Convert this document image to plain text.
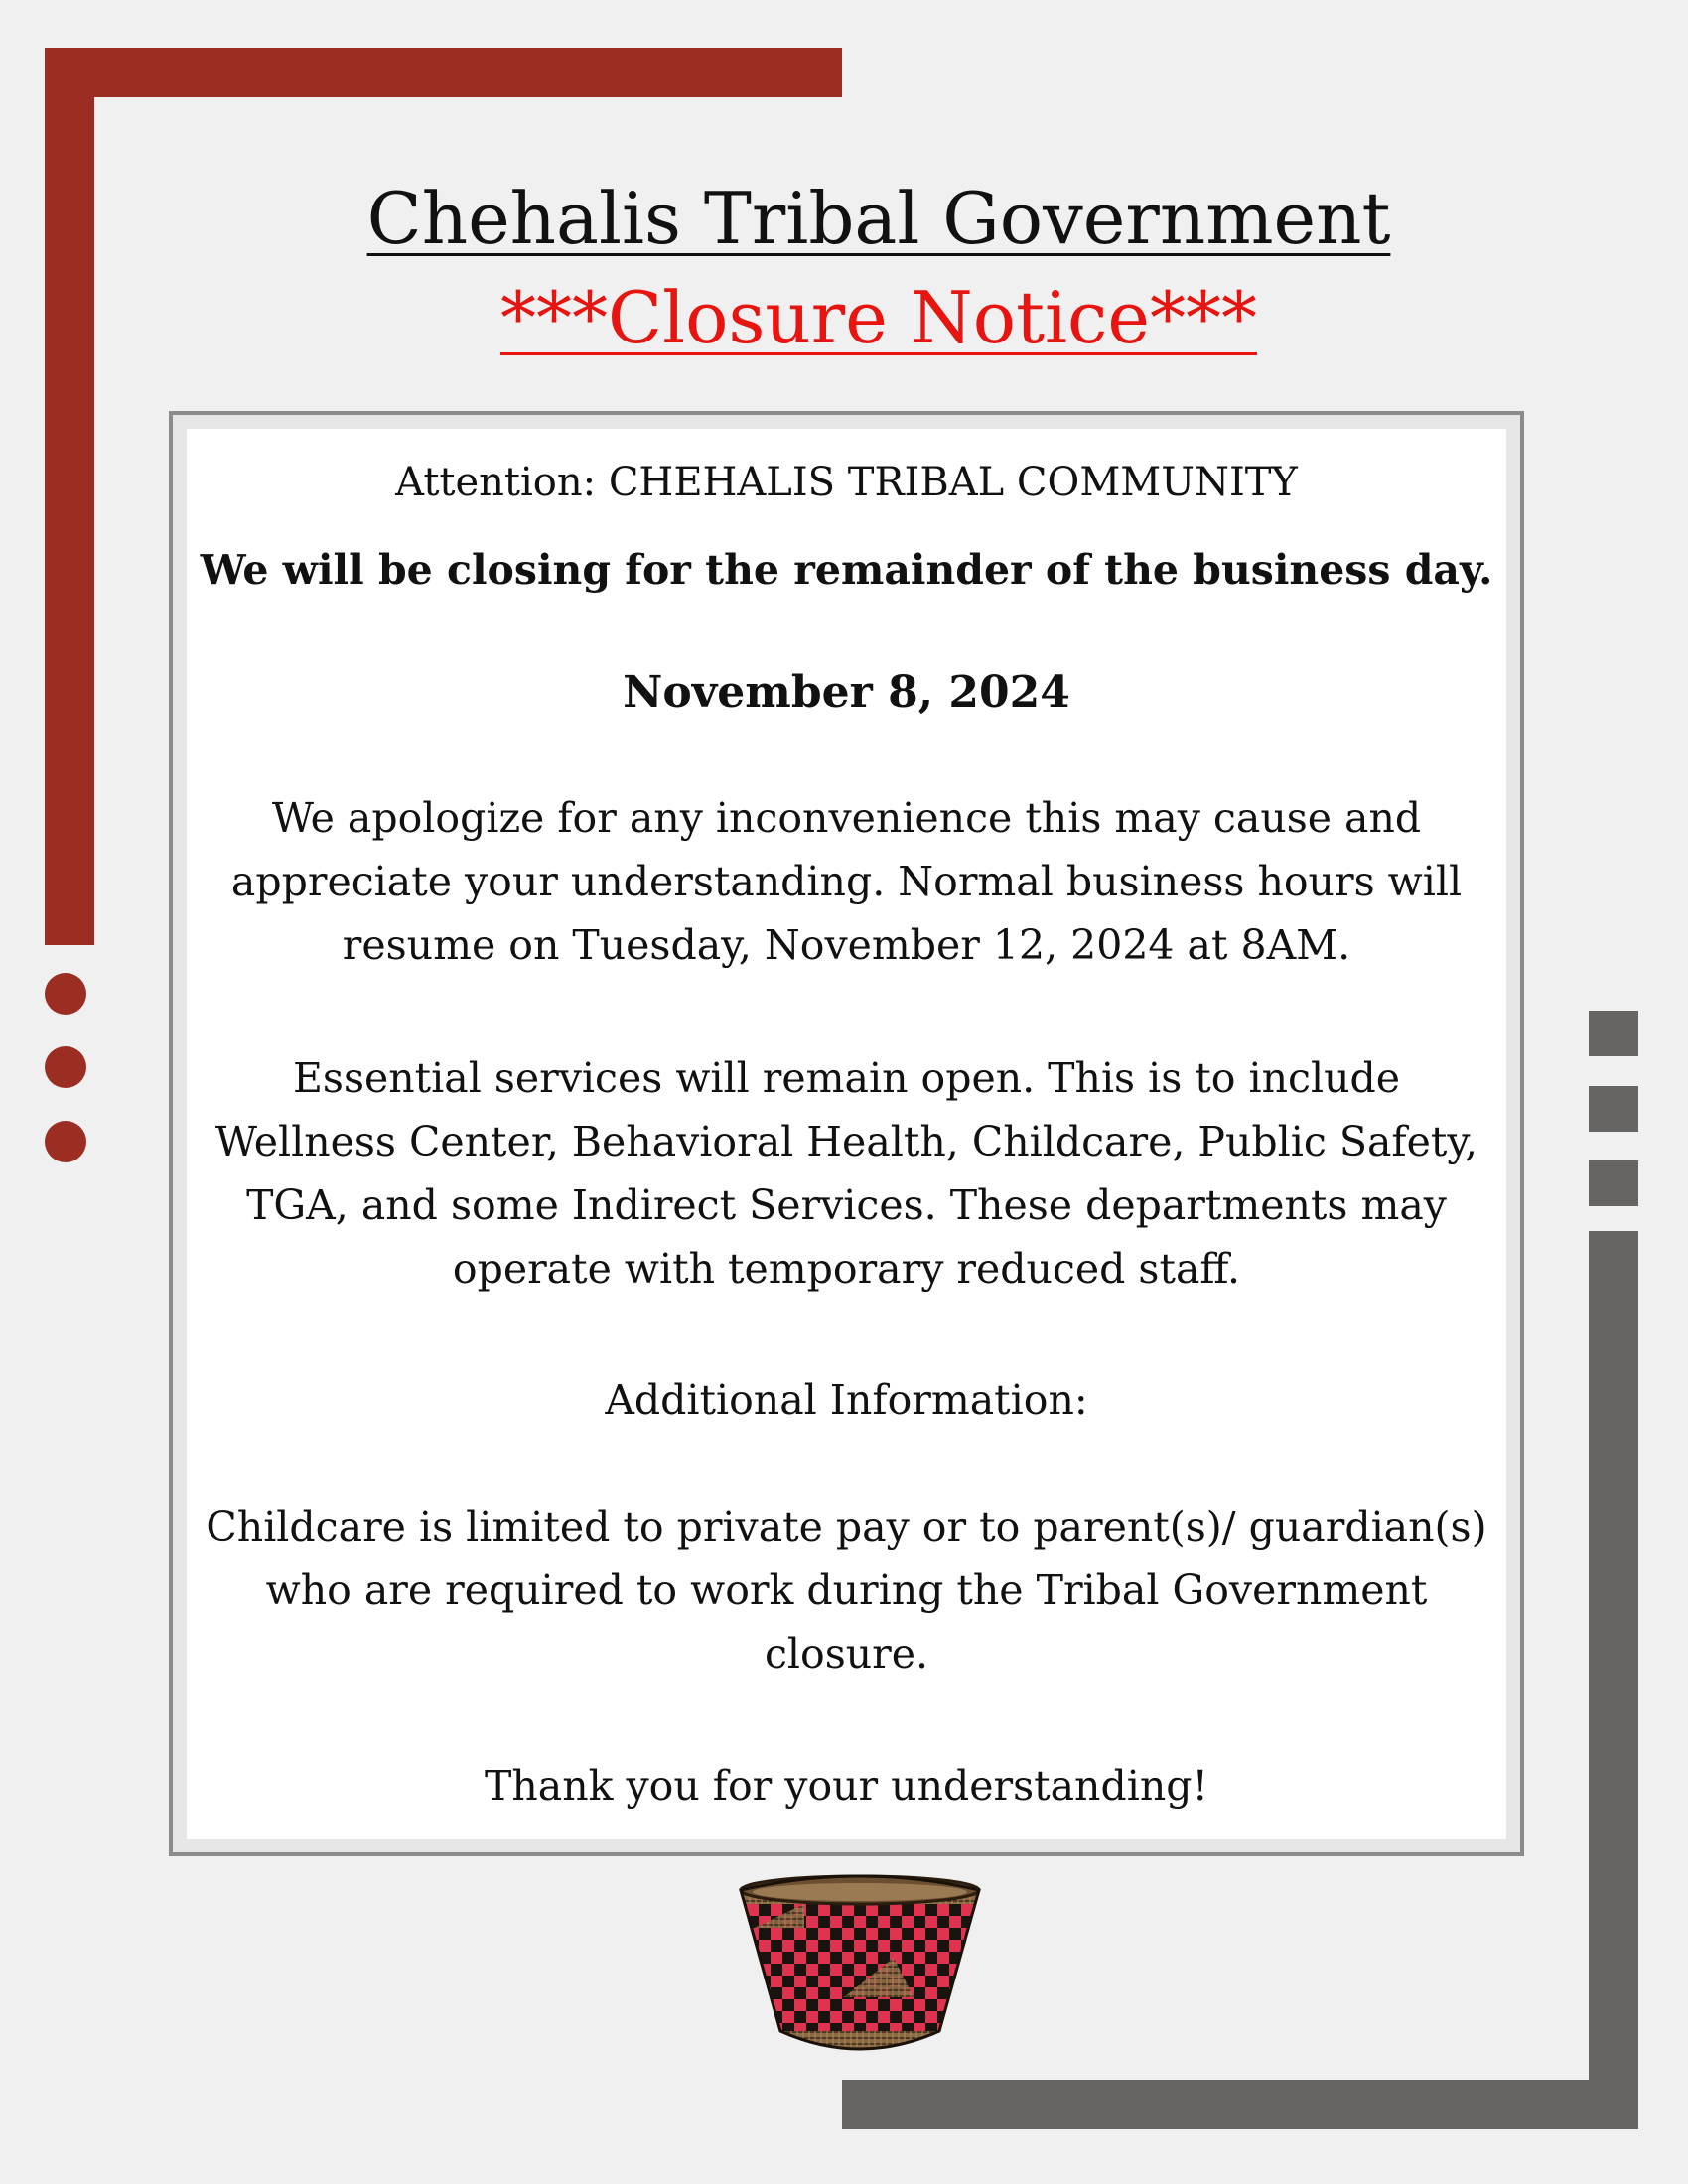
Chehalis Tribal Government
***Closure Notice***

Attention: CHEHALIS TRIBAL COMMUNITY

We will be closing for the remainder of the business day.

November 8, 2024

We apologize for any inconvenience this may cause and appreciate your understanding. Normal business hours will resume on Tuesday, November 12, 2024 at 8AM.

Essential services will remain open. This is to include Wellness Center, Behavioral Health, Childcare, Public Safety, TGA, and some Indirect Services. These departments may operate with temporary reduced staff.

Additional Information:

Childcare is limited to private pay or to parent(s)/ guardian(s) who are required to work during the Tribal Government closure.

Thank you for your understanding!
